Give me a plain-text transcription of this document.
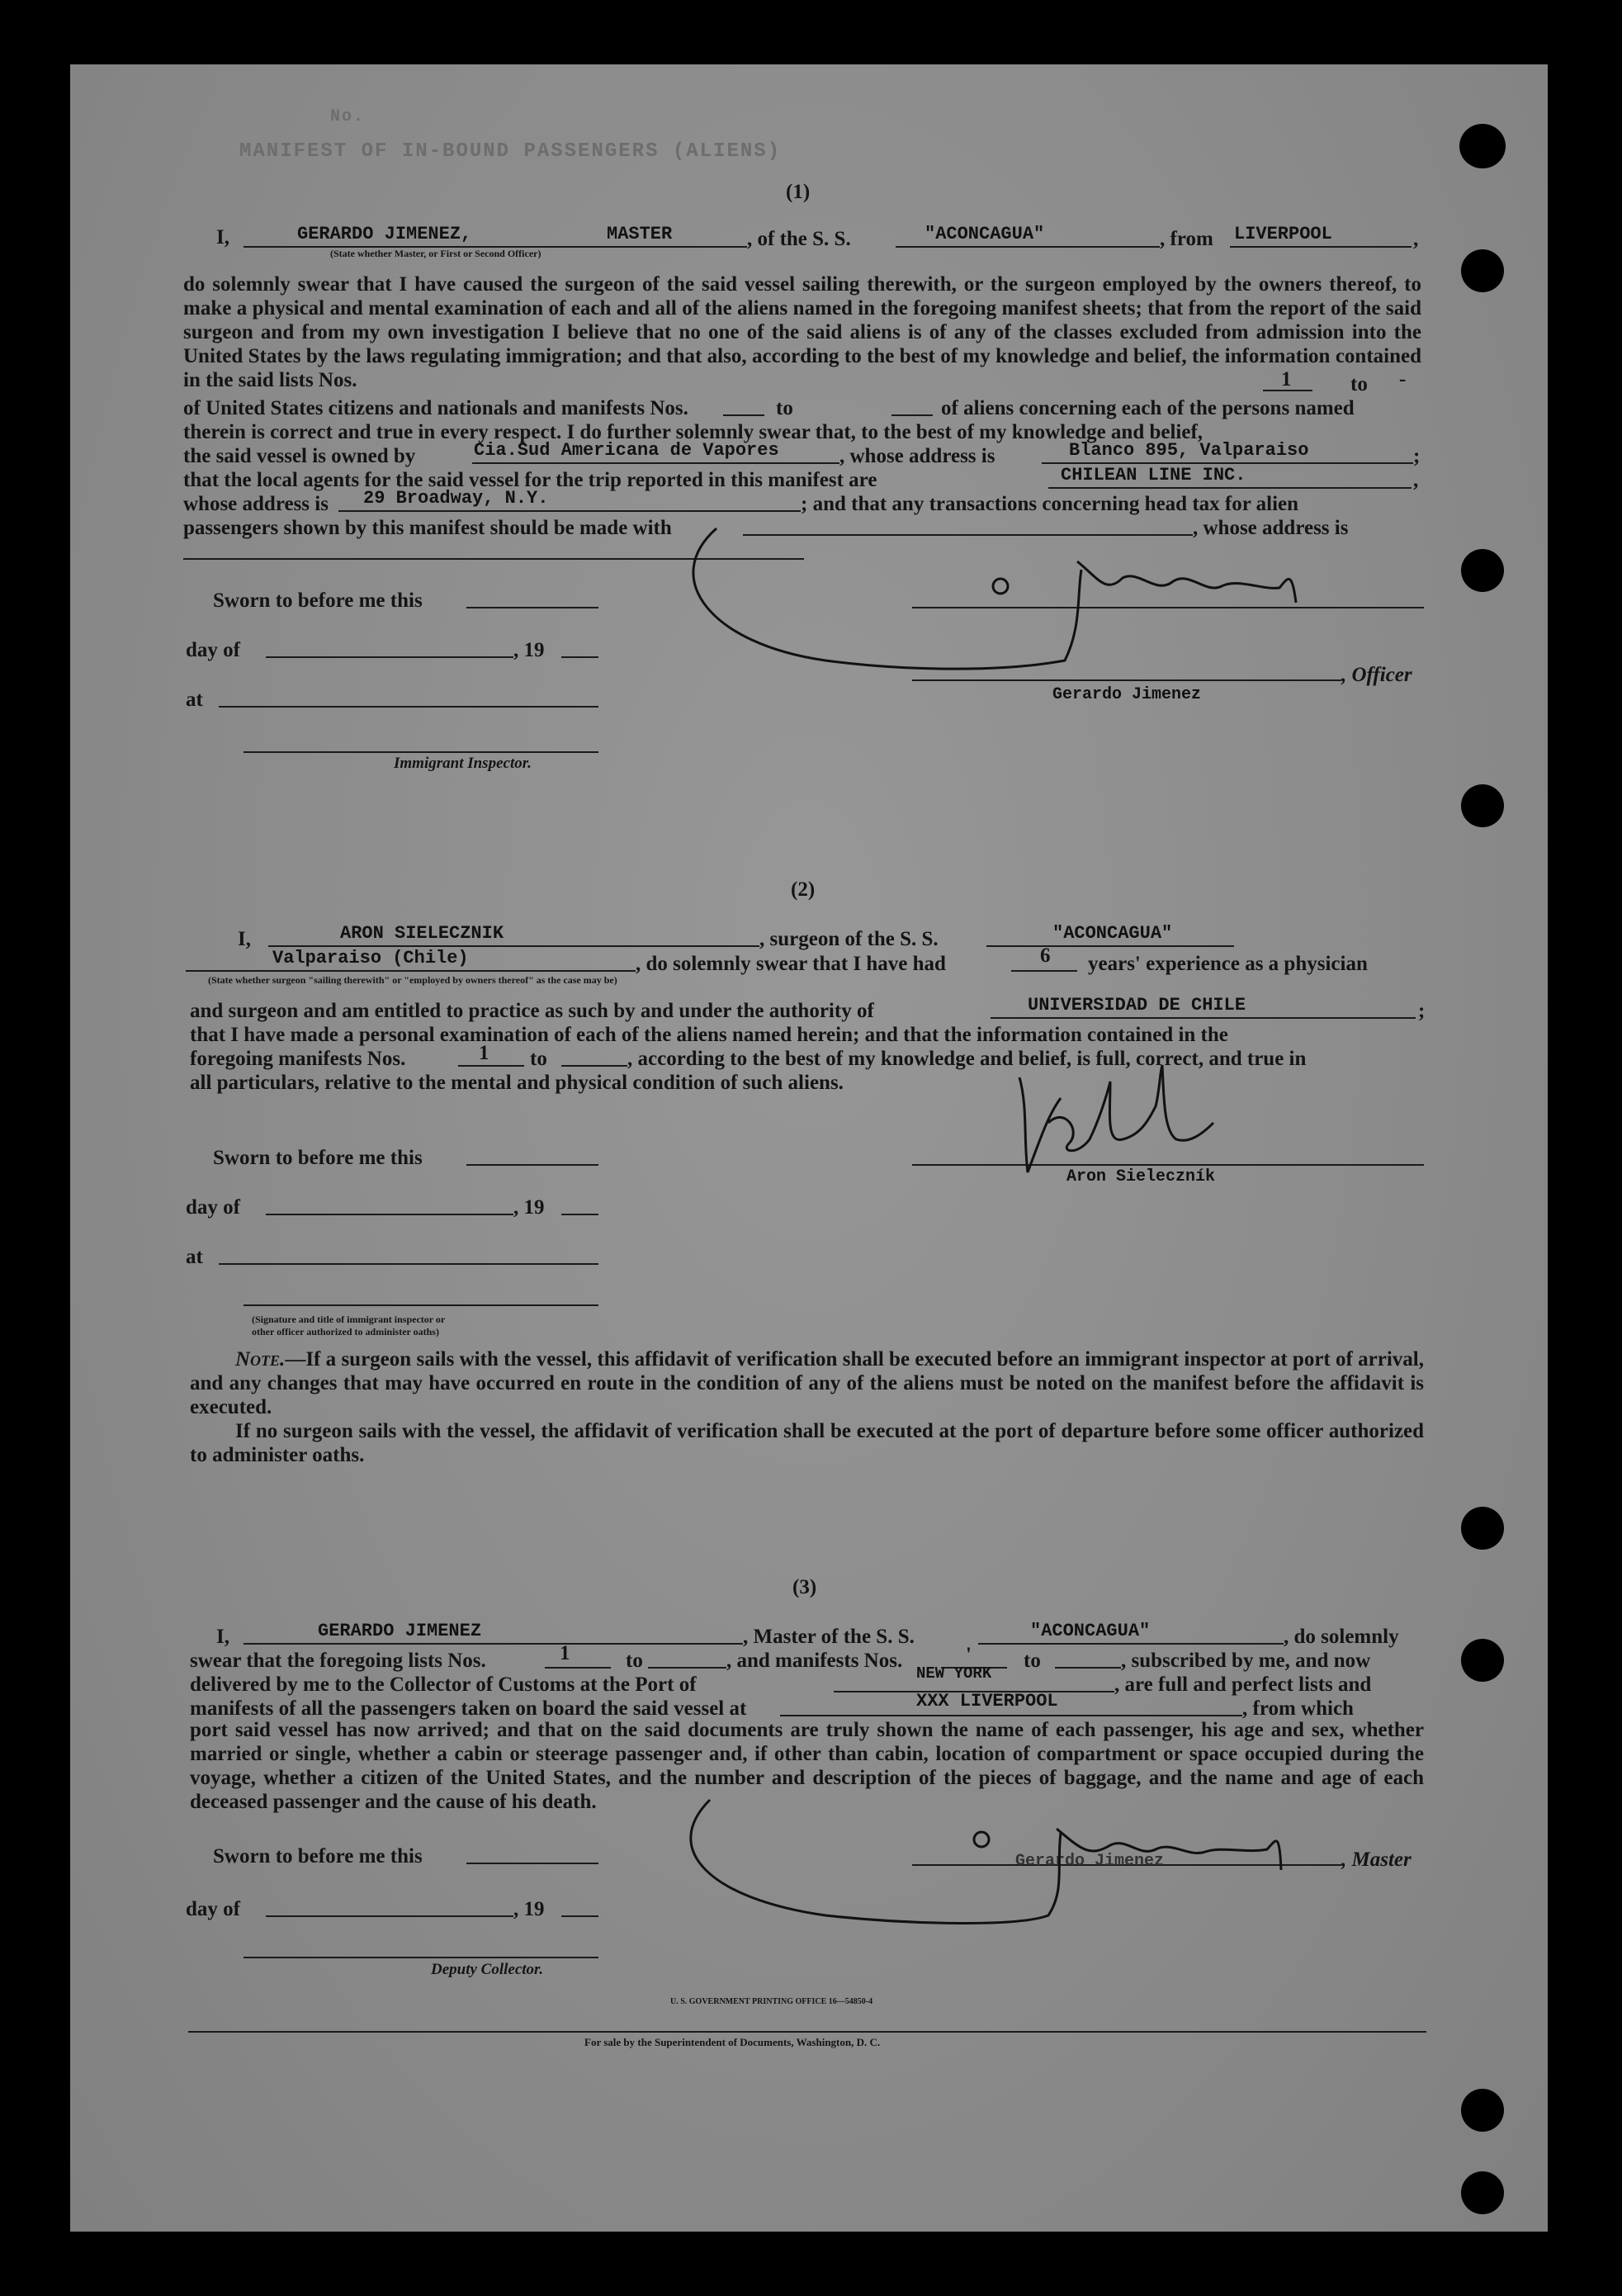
No.
MANIFEST OF IN-BOUND PASSENGERS (ALIENS)
(1)
I,	GERARDO JIMENEZ,	MASTER	, of the S. S.	"ACONCAGUA"	, from LIVERPOOL	,
(State whether Master, or First or Second Officer)
do solemnly swear that I have caused the surgeon of the said vessel sailing therewith, or the surgeon employed by the owners thereof, to make a physical and mental examination of each and all of the aliens named in the foregoing manifest sheets; that from the report of the said surgeon and from my own investigation I believe that no one of the said aliens is of any of the classes excluded from admission into the United States by the laws regulating immigration; and that also, according to the best of my knowledge and belief, the information contained in the said lists Nos.	1	to -
of United States citizens and nationals and manifests Nos.	to	of aliens concerning each of the persons named
therein is correct and true in every respect. I do further solemnly swear that, to the best of my knowledge and belief,
the said vessel is owned by	Cia.Sud Americana de Vapores	, whose address is	Blanco 895, Valparaiso	;
that the local agents for the said vessel for the trip reported in this manifest are	CHILEAN LINE INC.	,
whose address is 29 Broadway, N.Y.	; and that any transactions concerning head tax for alien
passengers shown by this manifest should be made with	, whose address is
Sworn to before me this
day of	, 19
at
Immigrant Inspector.
, Officer
Gerardo Jimenez
(2)
I,	ARON SIELECZNIK	, surgeon of the S. S.	"ACONCAGUA"
Valparaiso (Chile)	, do solemnly swear that I have had	6 years' experience as a physician
(State whether surgeon "sailing therewith" or "employed by owners thereof" as the case may be)
and surgeon and am entitled to practice as such by and under the authority of	UNIVERSIDAD DE CHILE	;
that I have made a personal examination of each of the aliens named herein; and that the information contained in the
foregoing manifests Nos.	1 to	, according to the best of my knowledge and belief, is full, correct, and true in
all particulars, relative to the mental and physical condition of such aliens.
Sworn to before me this
day of	, 19
at
(Signature and title of immigrant inspector or
other officer authorized to administer oaths)
Aron Sieleczník
Note.—If a surgeon sails with the vessel, this affidavit of verification shall be executed before an immigrant inspector at port of arrival, and any changes that may have occurred en route in the condition of any of the aliens must be noted on the manifest before the affidavit is executed.
If no surgeon sails with the vessel, the affidavit of verification shall be executed at the port of departure before some officer authorized to administer oaths.
(3)
I,	GERARDO JIMENEZ	, Master of the S. S.	"ACONCAGUA"	, do solemnly
swear that the foregoing lists Nos.	1	to	, and manifests Nos.	'	to	, subscribed by me, and now
delivered by me to the Collector of Customs at the Port of	NEW YORK	, are full and perfect lists and
manifests of all the passengers taken on board the said vessel at	XXX LIVERPOOL	, from which
port said vessel has now arrived; and that on the said documents are truly shown the name of each passenger, his age and sex, whether married or single, whether a cabin or steerage passenger and, if other than cabin, location of compartment or space occupied during the voyage, whether a citizen of the United States, and the number and description of the pieces of baggage, and the name and age of each deceased passenger and the cause of his death.
Sworn to before me this
day of	, 19
Deputy Collector.
, Master
Gerardo Jimenez
U. S. GOVERNMENT PRINTING OFFICE 16—54850-4
For sale by the Superintendent of Documents, Washington, D. C.
